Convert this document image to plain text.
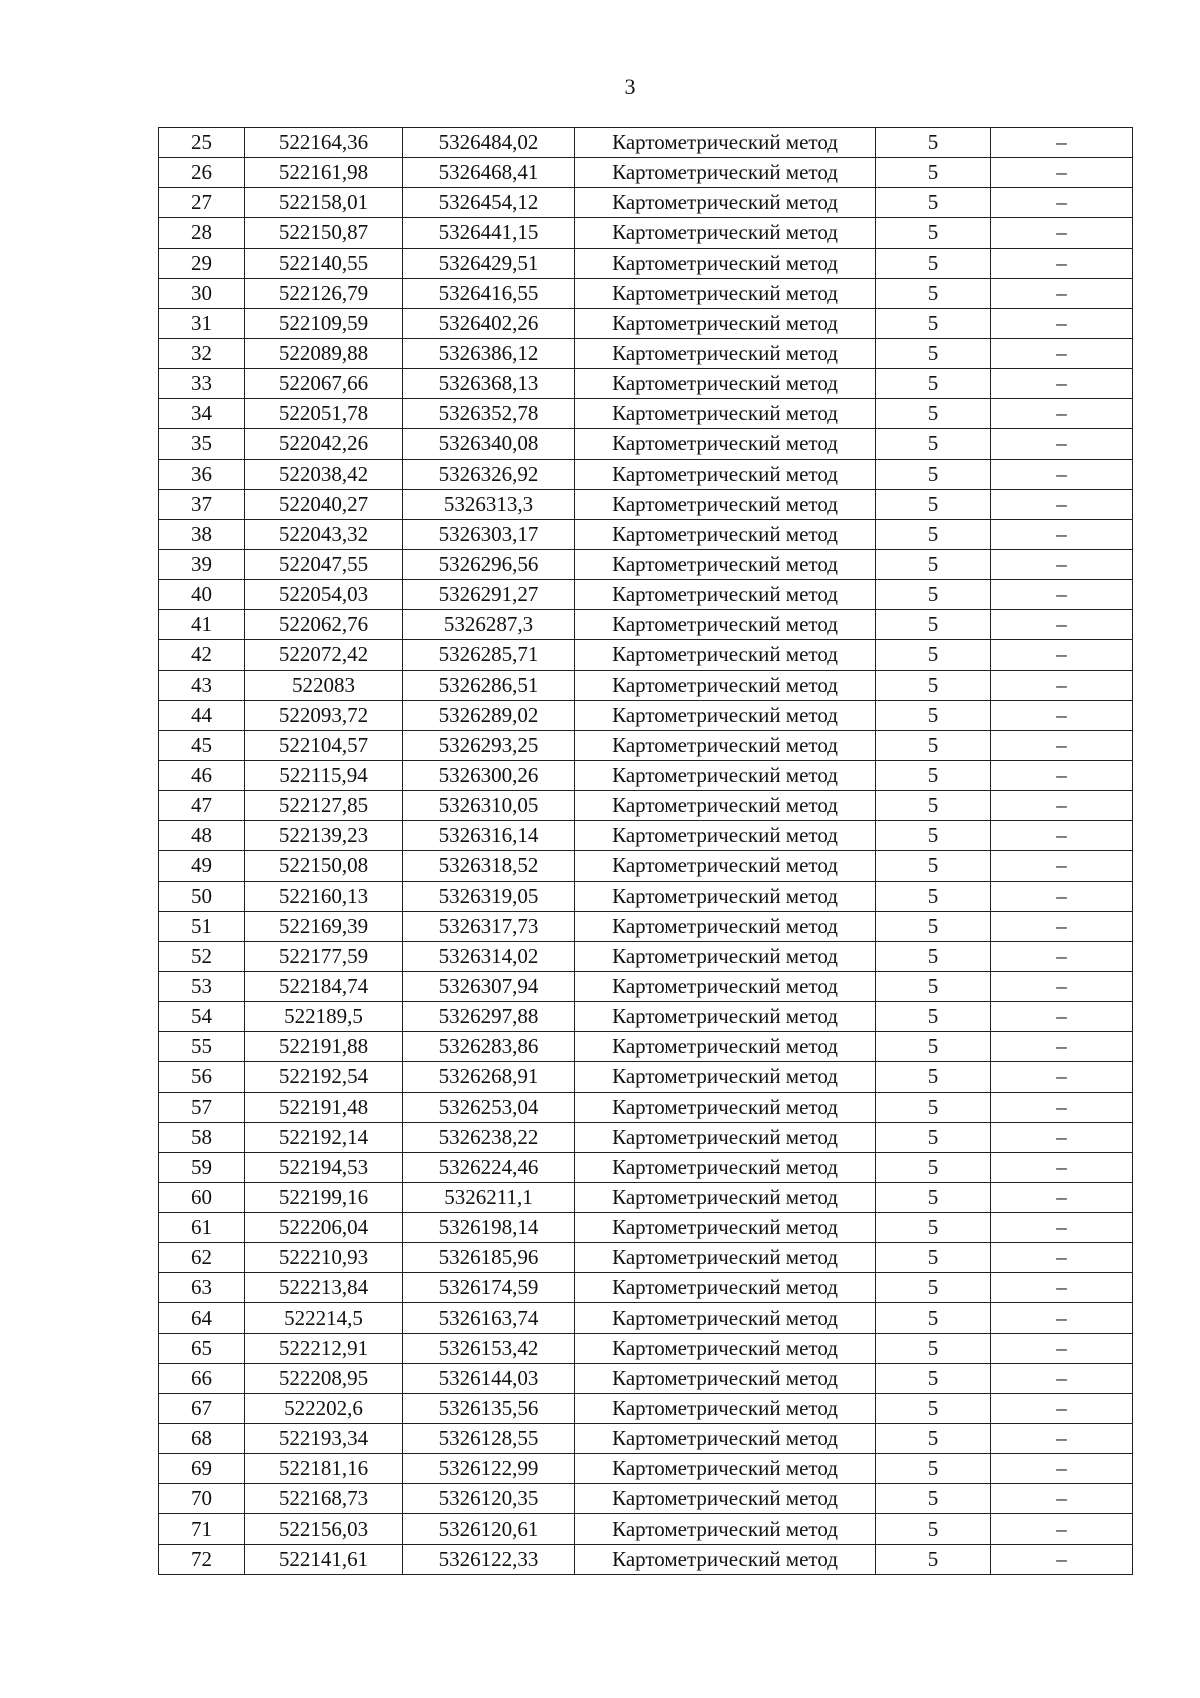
3
25	522164,36	5326484,02	Картометрический метод	5	–
26	522161,98	5326468,41	Картометрический метод	5	–
27	522158,01	5326454,12	Картометрический метод	5	–
28	522150,87	5326441,15	Картометрический метод	5	–
29	522140,55	5326429,51	Картометрический метод	5	–
30	522126,79	5326416,55	Картометрический метод	5	–
31	522109,59	5326402,26	Картометрический метод	5	–
32	522089,88	5326386,12	Картометрический метод	5	–
33	522067,66	5326368,13	Картометрический метод	5	–
34	522051,78	5326352,78	Картометрический метод	5	–
35	522042,26	5326340,08	Картометрический метод	5	–
36	522038,42	5326326,92	Картометрический метод	5	–
37	522040,27	5326313,3	Картометрический метод	5	–
38	522043,32	5326303,17	Картометрический метод	5	–
39	522047,55	5326296,56	Картометрический метод	5	–
40	522054,03	5326291,27	Картометрический метод	5	–
41	522062,76	5326287,3	Картометрический метод	5	–
42	522072,42	5326285,71	Картометрический метод	5	–
43	522083	5326286,51	Картометрический метод	5	–
44	522093,72	5326289,02	Картометрический метод	5	–
45	522104,57	5326293,25	Картометрический метод	5	–
46	522115,94	5326300,26	Картометрический метод	5	–
47	522127,85	5326310,05	Картометрический метод	5	–
48	522139,23	5326316,14	Картометрический метод	5	–
49	522150,08	5326318,52	Картометрический метод	5	–
50	522160,13	5326319,05	Картометрический метод	5	–
51	522169,39	5326317,73	Картометрический метод	5	–
52	522177,59	5326314,02	Картометрический метод	5	–
53	522184,74	5326307,94	Картометрический метод	5	–
54	522189,5	5326297,88	Картометрический метод	5	–
55	522191,88	5326283,86	Картометрический метод	5	–
56	522192,54	5326268,91	Картометрический метод	5	–
57	522191,48	5326253,04	Картометрический метод	5	–
58	522192,14	5326238,22	Картометрический метод	5	–
59	522194,53	5326224,46	Картометрический метод	5	–
60	522199,16	5326211,1	Картометрический метод	5	–
61	522206,04	5326198,14	Картометрический метод	5	–
62	522210,93	5326185,96	Картометрический метод	5	–
63	522213,84	5326174,59	Картометрический метод	5	–
64	522214,5	5326163,74	Картометрический метод	5	–
65	522212,91	5326153,42	Картометрический метод	5	–
66	522208,95	5326144,03	Картометрический метод	5	–
67	522202,6	5326135,56	Картометрический метод	5	–
68	522193,34	5326128,55	Картометрический метод	5	–
69	522181,16	5326122,99	Картометрический метод	5	–
70	522168,73	5326120,35	Картометрический метод	5	–
71	522156,03	5326120,61	Картометрический метод	5	–
72	522141,61	5326122,33	Картометрический метод	5	–
